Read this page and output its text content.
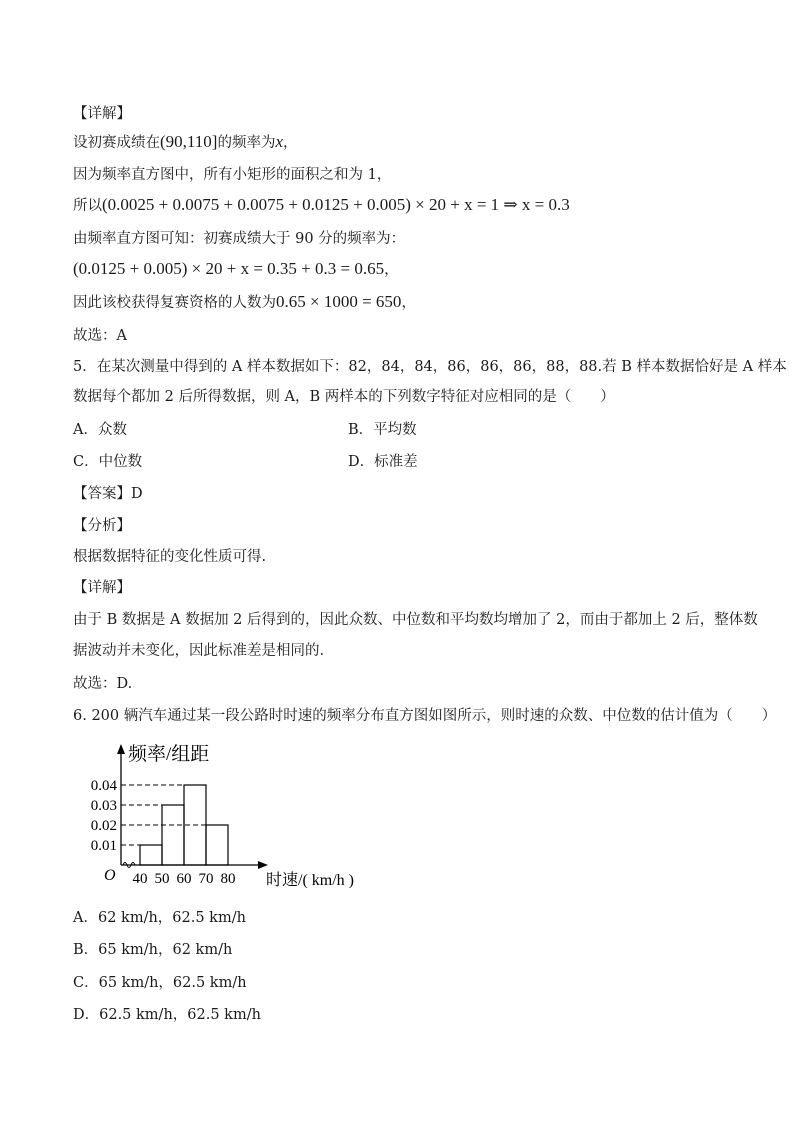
【详解】
设初赛成绩在(90,110]的频率为x，
因为频率直方图中，所有小矩形的面积之和为 1，
所以(0.0025 + 0.0075 + 0.0075 + 0.0125 + 0.005) × 20 + x = 1 ⇒ x = 0.3
由频率直方图可知：初赛成绩大于 90 分的频率为：
(0.0125 + 0.005) × 20 + x = 0.35 + 0.3 = 0.65，
因此该校获得复赛资格的人数为0.65 × 1000 = 650，
故选：A
5．在某次测量中得到的 A 样本数据如下：82，84，84，86，86，86，88，88.若 B 样本数据恰好是 A 样本
数据每个都加 2 后所得数据，则 A，B 两样本的下列数字特征对应相同的是（　　）
A．众数	B．平均数
C．中位数	D．标准差
【答案】D
【分析】
根据数据特征的变化性质可得.
【详解】
由于 B 数据是 A 数据加 2 后得到的，因此众数、中位数和平均数均增加了 2，而由于都加上 2 后，整体数
据波动并未变化，因此标准差是相同的.
故选：D.
6. 200 辆汽车通过某一段公路时时速的频率分布直方图如图所示，则时速的众数、中位数的估计值为（　　）
40 50 60 70 80
0.01
0.02
0.03
0.04
频率/组距
时速/( km/h )
O
A．62 km/h，62.5 km/h
B．65 km/h，62 km/h
C．65 km/h，62.5 km/h
D．62.5 km/h，62.5 km/h
